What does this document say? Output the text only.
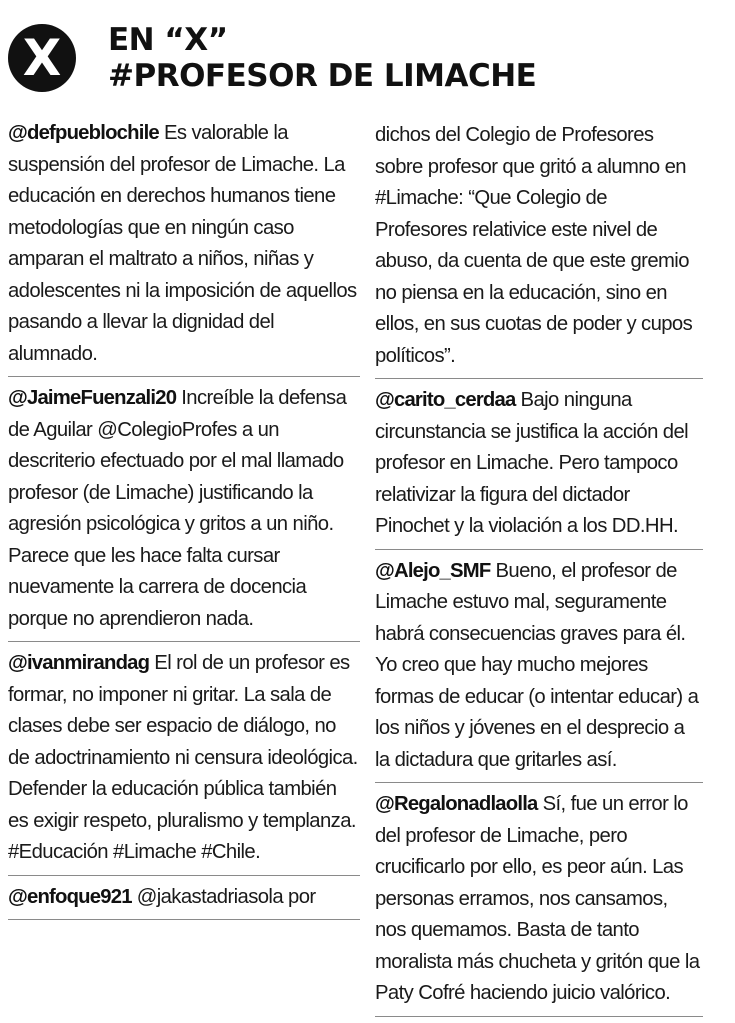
X	EN “X”
#PROFESOR DE LIMACHE
@defpueblochile Es valorable la suspensión del profesor de Limache. La educación en derechos humanos tiene metodologías que en ningún caso amparan el maltrato a niños, niñas y adolescentes ni la imposición de aquellos pasando a llevar la dignidad del alumnado.
@JaimeFuenzali20 Increíble la defensa de Aguilar @ColegioProfes a un descriterio efectuado por el mal llamado profesor (de Limache) justificando la agresión psicológica y gritos a un niño. Parece que les hace falta cursar nuevamente la carrera de docencia porque no aprendieron nada.
@ivanmirandag El rol de un profesor es formar, no imponer ni gritar. La sala de clases debe ser espacio de diálogo, no de adoctrinamiento ni censura ideológica. Defender la educación pública también es exigir respeto, pluralismo y templanza. #Educación #Limache #Chile.
@enfoque921 @jakastadriasola por
dichos del Colegio de Profesores sobre profesor que gritó a alumno en #Limache: “Que Colegio de Profesores relativice este nivel de abuso, da cuenta de que este gremio no piensa en la educación, sino en ellos, en sus cuotas de poder y cupos políticos”.
@carito_cerdaa Bajo ninguna circunstancia se justifica la acción del profesor en Limache. Pero tampoco relativizar la figura del dictador Pinochet y la violación a los DD.HH.
@Alejo_SMF Bueno, el profesor de Limache estuvo mal, seguramente habrá consecuencias graves para él. Yo creo que hay mucho mejores formas de educar (o intentar educar) a los niños y jóvenes en el desprecio a la dictadura que gritarles así.
@Regalonadlaolla Sí, fue un error lo del profesor de Limache, pero crucificarlo por ello, es peor aún. Las personas erramos, nos cansamos, nos quemamos. Basta de tanto moralista más chucheta y gritón que la Paty Cofré haciendo juicio valórico.
